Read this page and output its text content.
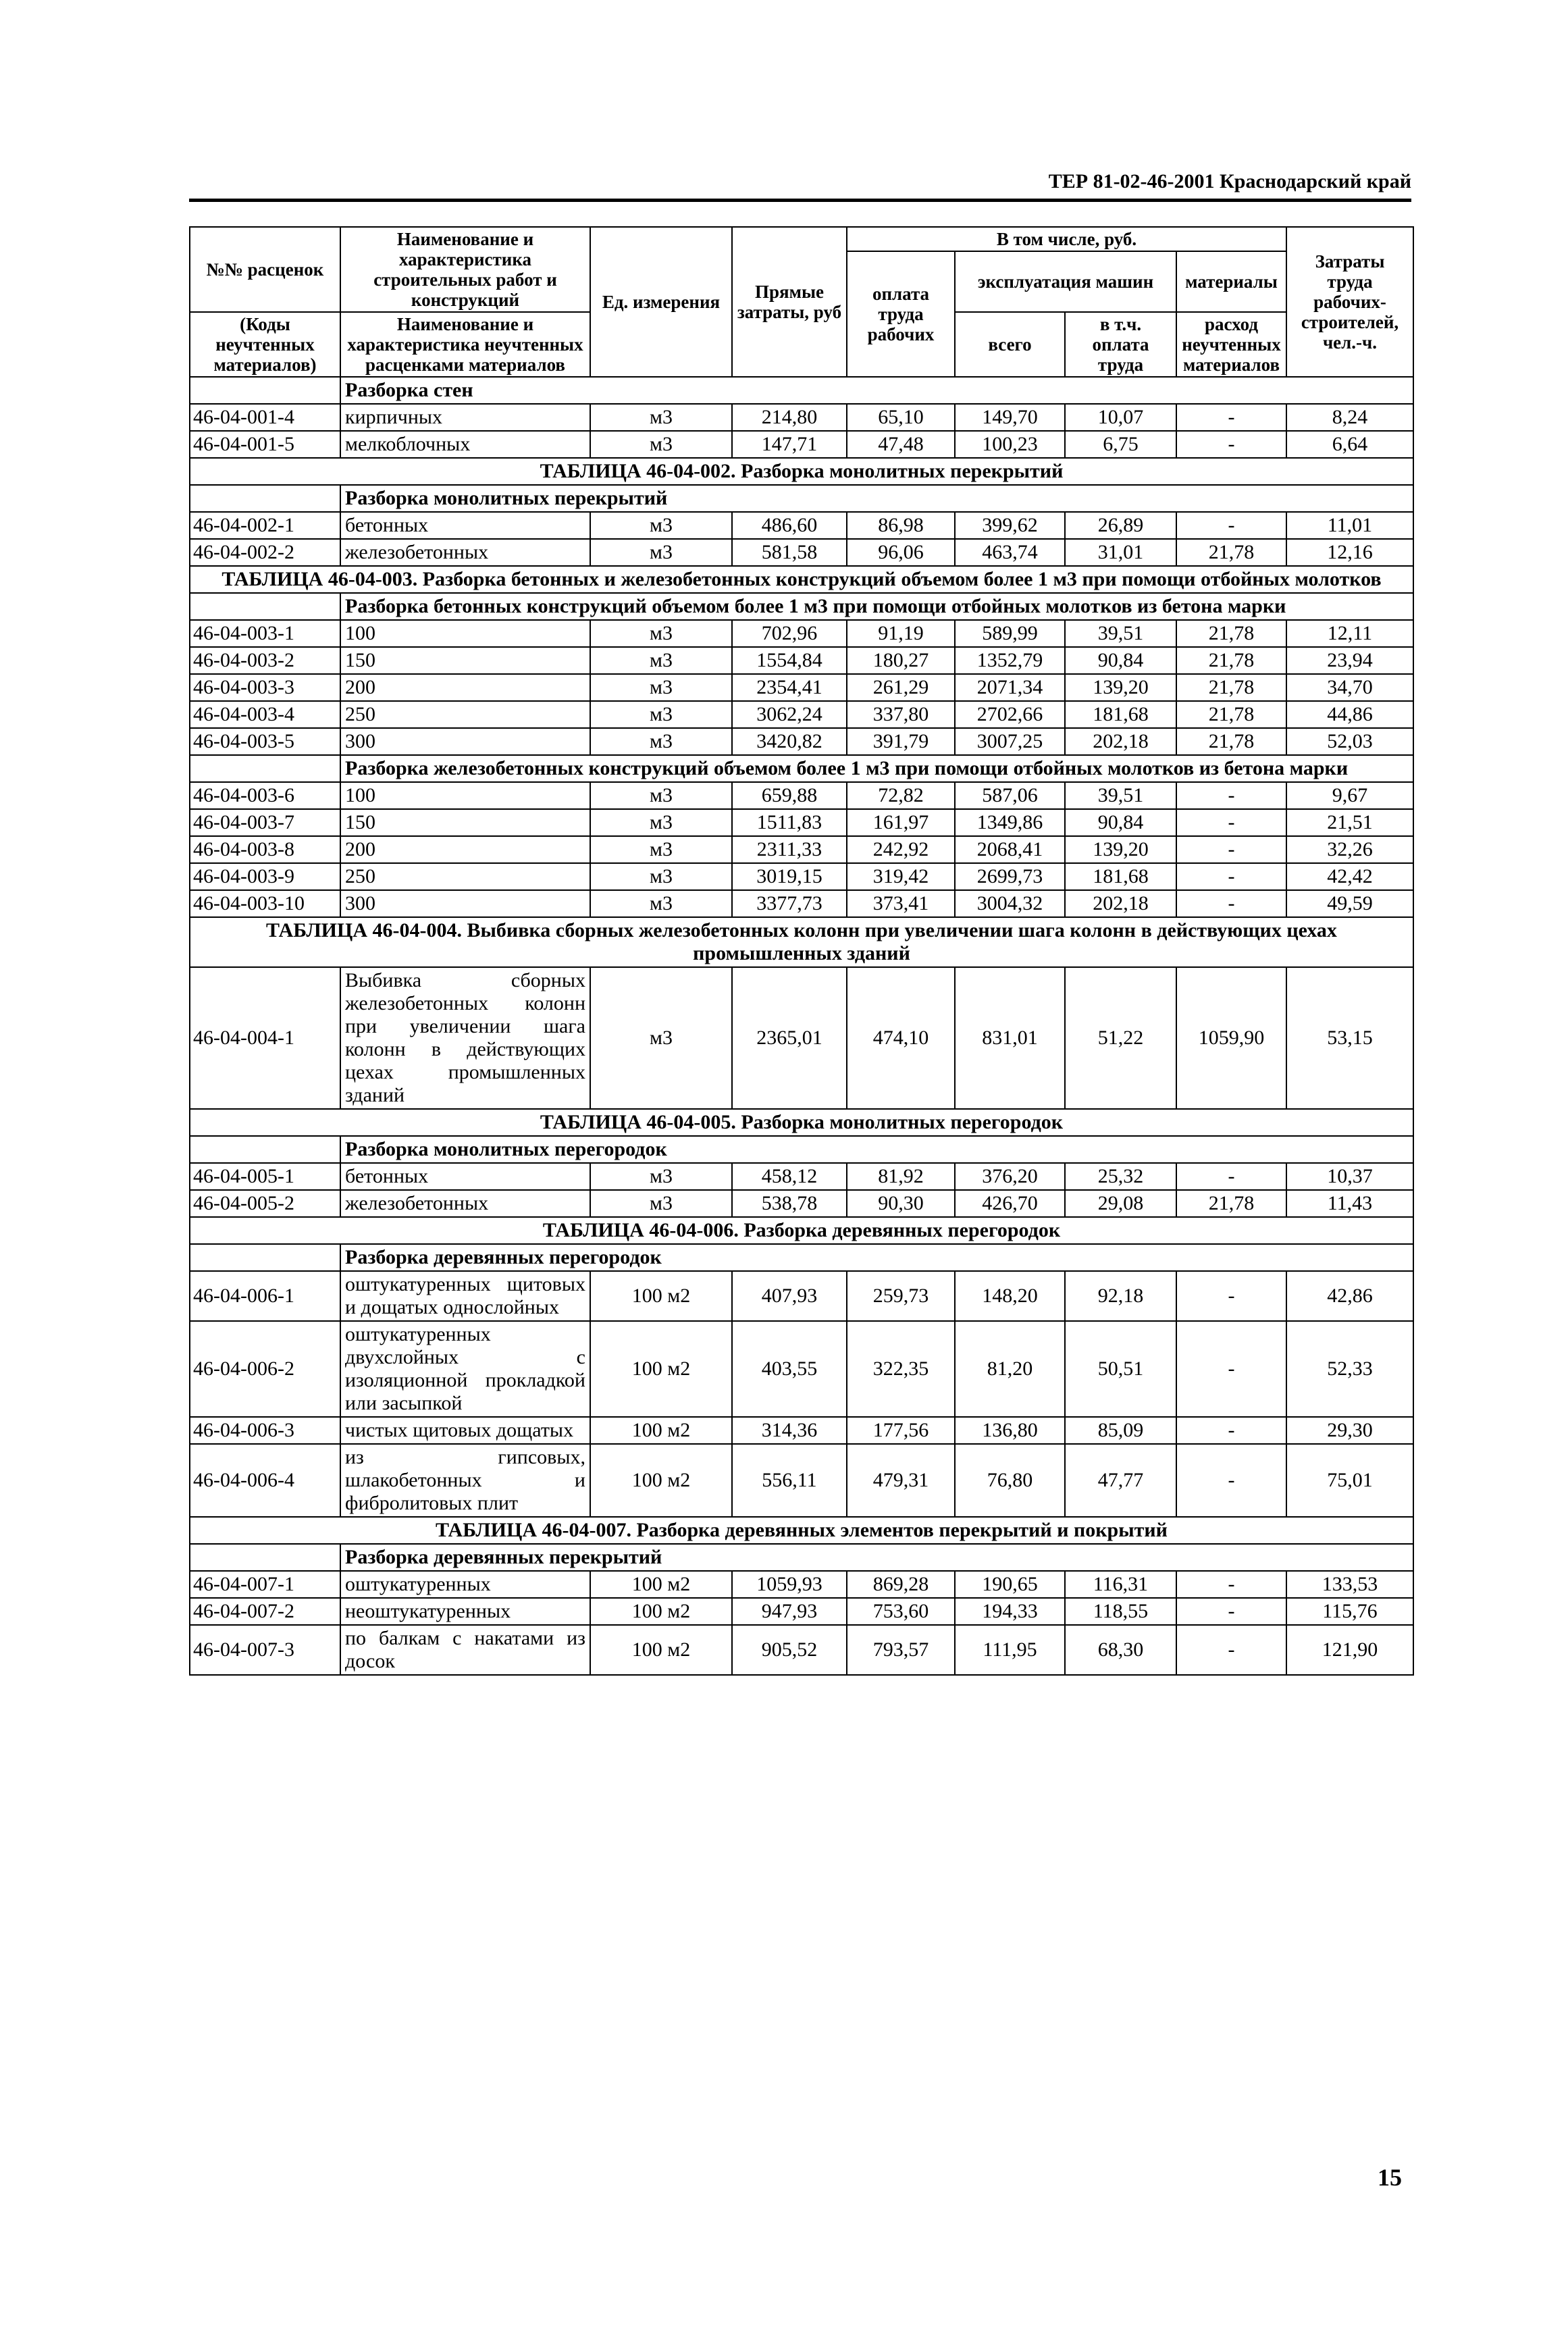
ТЕР 81-02-46-2001 Краснодарский край
№№ расценок	Наименование и характеристика строительных работ и конструкций	Ед. измерения	Прямые затраты, руб	В том числе, руб.				Затраты труда рабочих-строителей, чел.-ч.
				оплата труда рабочих	эксплуатация машин		материалы	
(Коды неучтенных материалов)	Наименование и характеристика неучтенных расценками материалов				всего	в т.ч. оплата труда	расход неучтенных материалов	

	Разборка стен							
46-04-001-4	кирпичных	м3	214,80	65,10	149,70	10,07	-	8,24
46-04-001-5	мелкоблочных	м3	147,71	47,48	100,23	6,75	-	6,64
ТАБЛИЦА 46-04-002. Разборка монолитных перекрытий								
	Разборка монолитных перекрытий							
46-04-002-1	бетонных	м3	486,60	86,98	399,62	26,89	-	11,01
46-04-002-2	железобетонных	м3	581,58	96,06	463,74	31,01	21,78	12,16
ТАБЛИЦА 46-04-003. Разборка бетонных и железобетонных конструкций объемом более 1 м3 при помощи отбойных молотков								
	Разборка бетонных конструкций объемом более 1 м3 при помощи отбойных молотков из бетона марки							
46-04-003-1	100	м3	702,96	91,19	589,99	39,51	21,78	12,11
46-04-003-2	150	м3	1554,84	180,27	1352,79	90,84	21,78	23,94
46-04-003-3	200	м3	2354,41	261,29	2071,34	139,20	21,78	34,70
46-04-003-4	250	м3	3062,24	337,80	2702,66	181,68	21,78	44,86
46-04-003-5	300	м3	3420,82	391,79	3007,25	202,18	21,78	52,03
	Разборка железобетонных конструкций объемом более 1 м3 при помощи отбойных молотков из бетона марки							
46-04-003-6	100	м3	659,88	72,82	587,06	39,51	-	9,67
46-04-003-7	150	м3	1511,83	161,97	1349,86	90,84	-	21,51
46-04-003-8	200	м3	2311,33	242,92	2068,41	139,20	-	32,26
46-04-003-9	250	м3	3019,15	319,42	2699,73	181,68	-	42,42
46-04-003-10	300	м3	3377,73	373,41	3004,32	202,18	-	49,59
ТАБЛИЦА 46-04-004. Выбивка сборных железобетонных колонн при увеличении шага колонн в действующих цехах промышленных зданий								
46-04-004-1	Выбивка сборных железобетонных колонн при увеличении шага колонн в действующих цехах промышленных зданий	м3	2365,01	474,10	831,01	51,22	1059,90	53,15
ТАБЛИЦА 46-04-005. Разборка монолитных перегородок								
	Разборка монолитных перегородок							
46-04-005-1	бетонных	м3	458,12	81,92	376,20	25,32	-	10,37
46-04-005-2	железобетонных	м3	538,78	90,30	426,70	29,08	21,78	11,43
ТАБЛИЦА 46-04-006. Разборка деревянных перегородок								
	Разборка деревянных перегородок							
46-04-006-1	оштукатуренных щитовых и дощатых однослойных	100 м2	407,93	259,73	148,20	92,18	-	42,86
46-04-006-2	оштукатуренных двухслойных с изоляционной прокладкой или засыпкой	100 м2	403,55	322,35	81,20	50,51	-	52,33
46-04-006-3	чистых щитовых дощатых	100 м2	314,36	177,56	136,80	85,09	-	29,30
46-04-006-4	из гипсовых, шлакобетонных и фибролитовых плит	100 м2	556,11	479,31	76,80	47,77	-	75,01
ТАБЛИЦА 46-04-007. Разборка деревянных элементов перекрытий и покрытий								
	Разборка деревянных перекрытий							
46-04-007-1	оштукатуренных	100 м2	1059,93	869,28	190,65	116,31	-	133,53
46-04-007-2	неоштукатуренных	100 м2	947,93	753,60	194,33	118,55	-	115,76
46-04-007-3	по балкам с накатами из досок	100 м2	905,52	793,57	111,95	68,30	-	121,90
15
